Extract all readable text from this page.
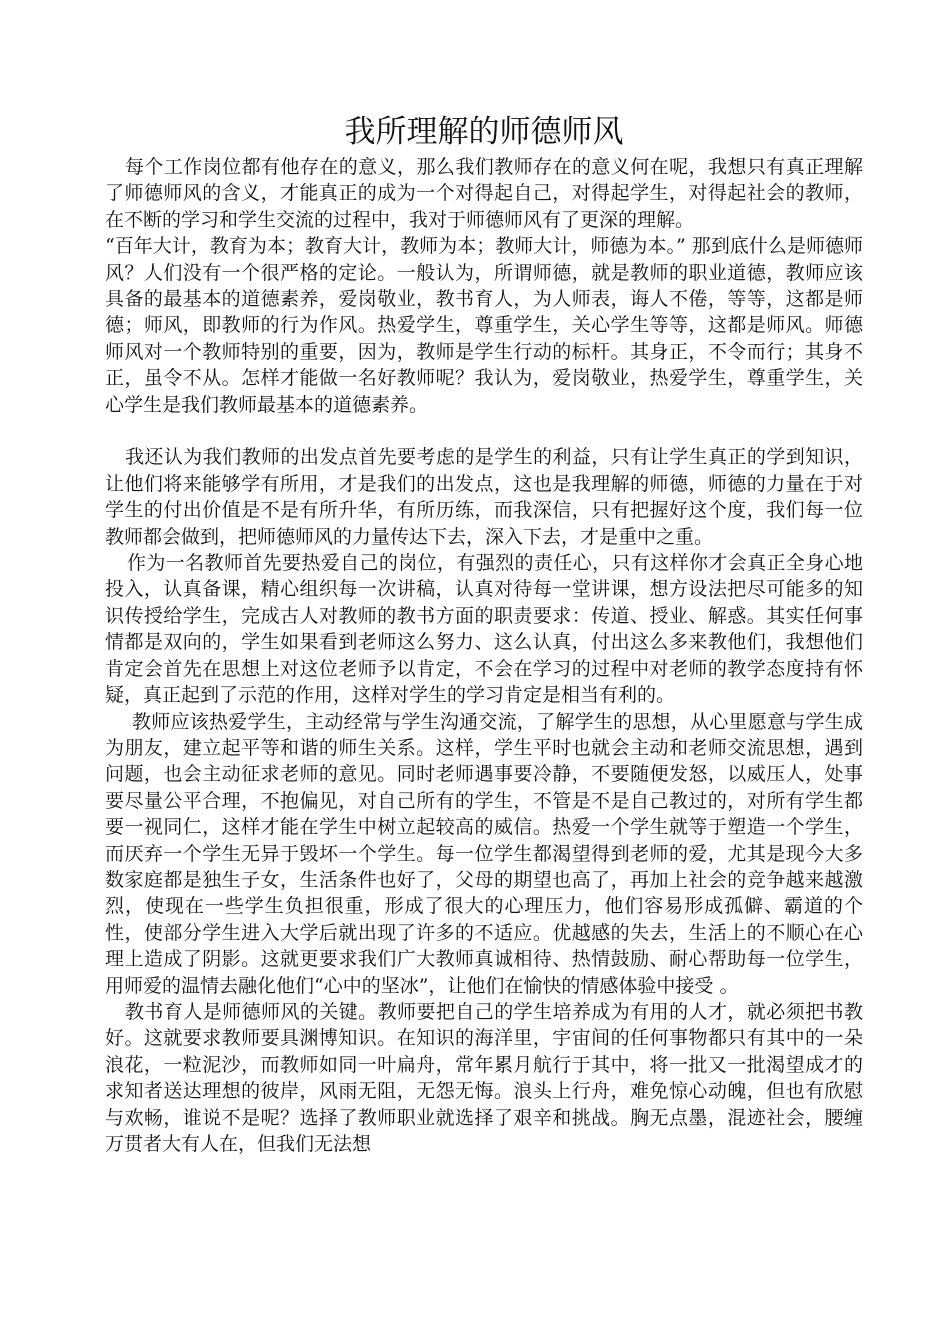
我所理解的师德师风

每个工作岗位都有他存在的意义，那么我们教师存在的意义何在呢，我想只有真正理解了师德师风的含义，才能真正的成为一个对得起自己，对得起学生，对得起社会的教师，在不断的学习和学生交流的过程中，我对于师德师风有了更深的理解。

“百年大计，教育为本；教育大计，教师为本；教师大计，师德为本。” 那到底什么是师德师风？人们没有一个很严格的定论。一般认为，所谓师德，就是教师的职业道德，教师应该具备的最基本的道德素养，爱岗敬业，教书育人，为人师表，诲人不倦，等等，这都是师德；师风，即教师的行为作风。热爱学生，尊重学生，关心学生等等，这都是师风。师德师风对一个教师特别的重要，因为，教师是学生行动的标杆。其身正，不令而行；其身不正，虽令不从。怎样才能做一名好教师呢？我认为，爱岗敬业，热爱学生，尊重学生，关心学生是我们教师最基本的道德素养。

我还认为我们教师的出发点首先要考虑的是学生的利益，只有让学生真正的学到知识，让他们将来能够学有所用，才是我们的出发点，这也是我理解的师德，师德的力量在于对学生的付出价值是不是有所升华，有所历练，而我深信，只有把握好这个度，我们每一位教师都会做到，把师德师风的力量传达下去，深入下去，才是重中之重。

作为一名教师首先要热爱自己的岗位，有强烈的责任心，只有这样你才会真正全身心地投入，认真备课，精心组织每一次讲稿，认真对待每一堂讲课，想方设法把尽可能多的知识传授给学生，完成古人对教师的教书方面的职责要求：传道、授业、解惑。其实任何事情都是双向的，学生如果看到老师这么努力、这么认真，付出这么多来教他们，我想他们肯定会首先在思想上对这位老师予以肯定，不会在学习的过程中对老师的教学态度持有怀疑，真正起到了示范的作用，这样对学生的学习肯定是相当有利的。

教师应该热爱学生，主动经常与学生沟通交流，了解学生的思想，从心里愿意与学生成为朋友，建立起平等和谐的师生关系。这样，学生平时也就会主动和老师交流思想，遇到问题，也会主动征求老师的意见。同时老师遇事要冷静，不要随便发怒，以威压人，处事要尽量公平合理，不抱偏见，对自己所有的学生，不管是不是自己教过的，对所有学生都要一视同仁，这样才能在学生中树立起较高的威信。热爱一个学生就等于塑造一个学生，而厌弃一个学生无异于毁坏一个学生。每一位学生都渴望得到老师的爱，尤其是现今大多数家庭都是独生子女，生活条件也好了，父母的期望也高了，再加上社会的竞争越来越激烈，使现在一些学生负担很重，形成了很大的心理压力，他们容易形成孤僻、霸道的个性，使部分学生进入大学后就出现了许多的不适应。优越感的失去，生活上的不顺心在心理上造成了阴影。这就更要求我们广大教师真诚相待、热情鼓励、耐心帮助每一位学生，用师爱的温情去融化他们“心中的坚冰”，让他们在愉快的情感体验中接受 。

教书育人是师德师风的关键。教师要把自己的学生培养成为有用的人才，就必须把书教好。这就要求教师要具渊博知识。在知识的海洋里，宇宙间的任何事物都只有其中的一朵浪花，一粒泥沙，而教师如同一叶扁舟，常年累月航行于其中，将一批又一批渴望成才的求知者送达理想的彼岸，风雨无阻，无怨无悔。浪头上行舟，难免惊心动魄，但也有欣慰与欢畅，谁说不是呢？选择了教师职业就选择了艰辛和挑战。胸无点墨，混迹社会，腰缠万贯者大有人在，但我们无法想
